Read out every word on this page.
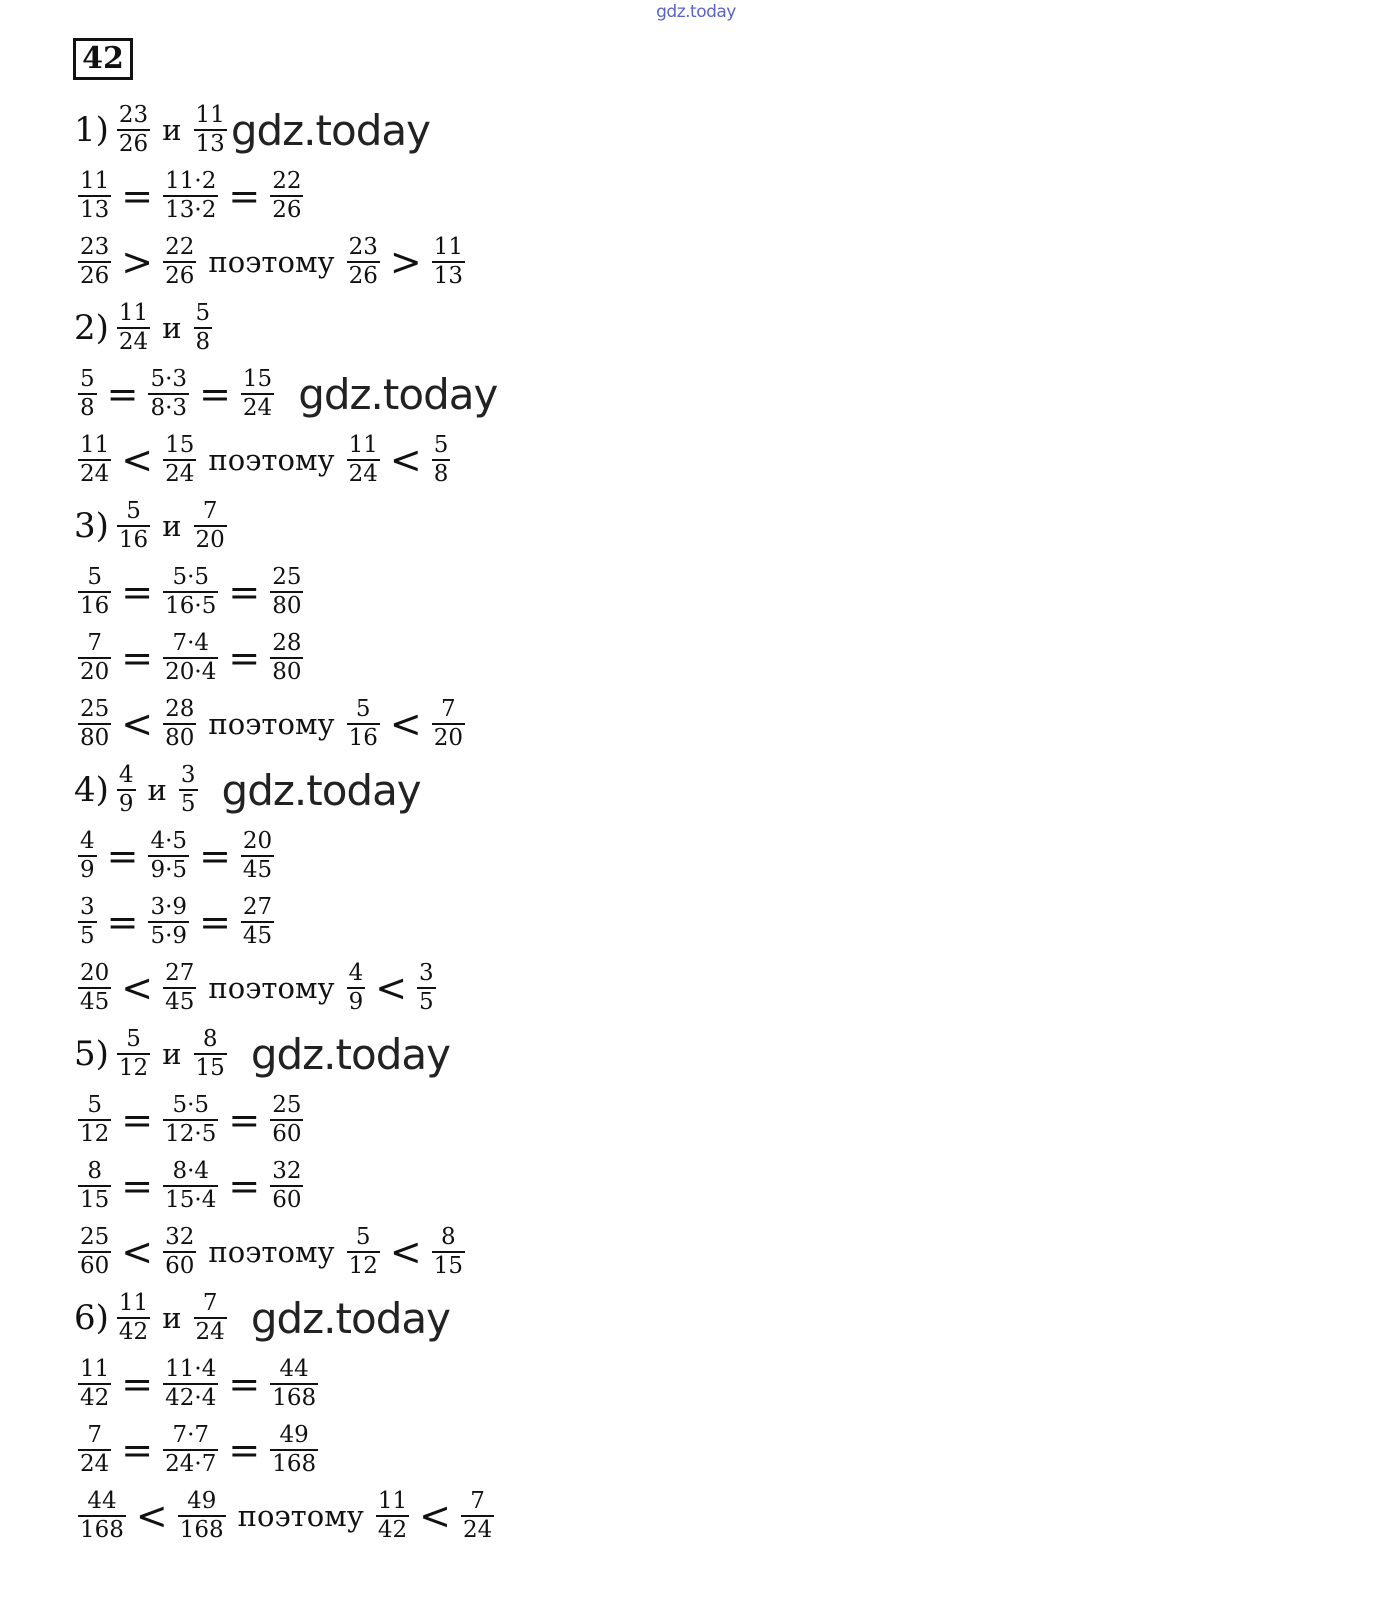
gdz.today
42
$1) \frac{23}{26}$ и $\frac{11}{13}$ gdz.today
$\frac{11}{13} = \frac{11\cdot 2}{13\cdot 2} = \frac{22}{26}$
$\frac{23}{26} > \frac{22}{26}$ поэтому $\frac{23}{26} > \frac{11}{13}$
$2) \frac{11}{24}$ и $\frac{5}{8}$
$\frac{5}{8} = \frac{5\cdot 3}{8\cdot 3} = \frac{15}{24}$ gdz.today
$\frac{11}{24} < \frac{15}{24}$ поэтому $\frac{11}{24} < \frac{5}{8}$
$3) \frac{5}{16}$ и $\frac{7}{20}$
$\frac{5}{16} = \frac{5\cdot 5}{16\cdot 5} = \frac{25}{80}$
$\frac{7}{20} = \frac{7\cdot 4}{20\cdot 4} = \frac{28}{80}$
$\frac{25}{80} < \frac{28}{80}$ поэтому $\frac{5}{16} < \frac{7}{20}$
$4) \frac{4}{9}$ и $\frac{3}{5}$ gdz.today
$\frac{4}{9} = \frac{4\cdot 5}{9\cdot 5} = \frac{20}{45}$
$\frac{3}{5} = \frac{3\cdot 9}{5\cdot 9} = \frac{27}{45}$
$\frac{20}{45} < \frac{27}{45}$ поэтому $\frac{4}{9} < \frac{3}{5}$
$5) \frac{5}{12}$ и $\frac{8}{15}$ gdz.today
$\frac{5}{12} = \frac{5\cdot 5}{12\cdot 5} = \frac{25}{60}$
$\frac{8}{15} = \frac{8\cdot 4}{15\cdot 4} = \frac{32}{60}$
$\frac{25}{60} < \frac{32}{60}$ поэтому $\frac{5}{12} < \frac{8}{15}$
$6) \frac{11}{42}$ и $\frac{7}{24}$ gdz.today
$\frac{11}{42} = \frac{11\cdot 4}{42\cdot 4} = \frac{44}{168}$
$\frac{7}{24} = \frac{7\cdot 7}{24\cdot 7} = \frac{49}{168}$
$\frac{44}{168} < \frac{49}{168}$ поэтому $\frac{11}{42} < \frac{7}{24}$
